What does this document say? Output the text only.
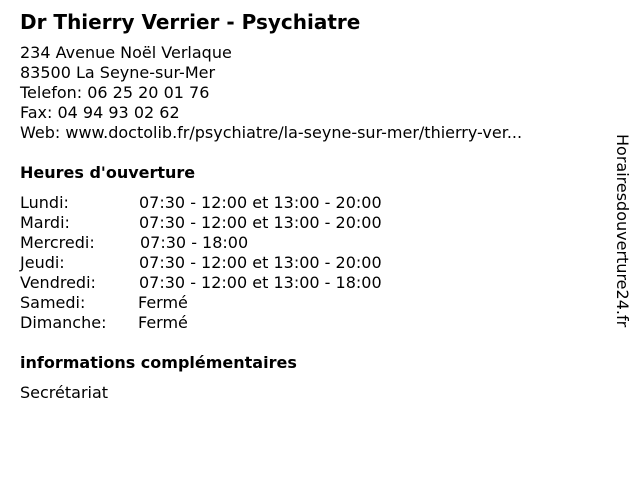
Dr Thierry Verrier - Psychiatre
234 Avenue Noël Verlaque
83500 La Seyne-sur-Mer
Telefon: 06 25 20 01 76
Fax: 04 94 93 02 62
Web: www.doctolib.fr/psychiatre/la-seyne-sur-mer/thierry-ver...
Heures d'ouverture
Lundi:	07:30 - 12:00 et 13:00 - 20:00
Mardi:	07:30 - 12:00 et 13:00 - 20:00
Mercredi:	07:30 - 18:00
Jeudi:	07:30 - 12:00 et 13:00 - 20:00
Vendredi:	07:30 - 12:00 et 13:00 - 18:00
Samedi:	Fermé
Dimanche: Fermé
informations complémentaires
Secrétariat
Horairesdouverture24.fr
